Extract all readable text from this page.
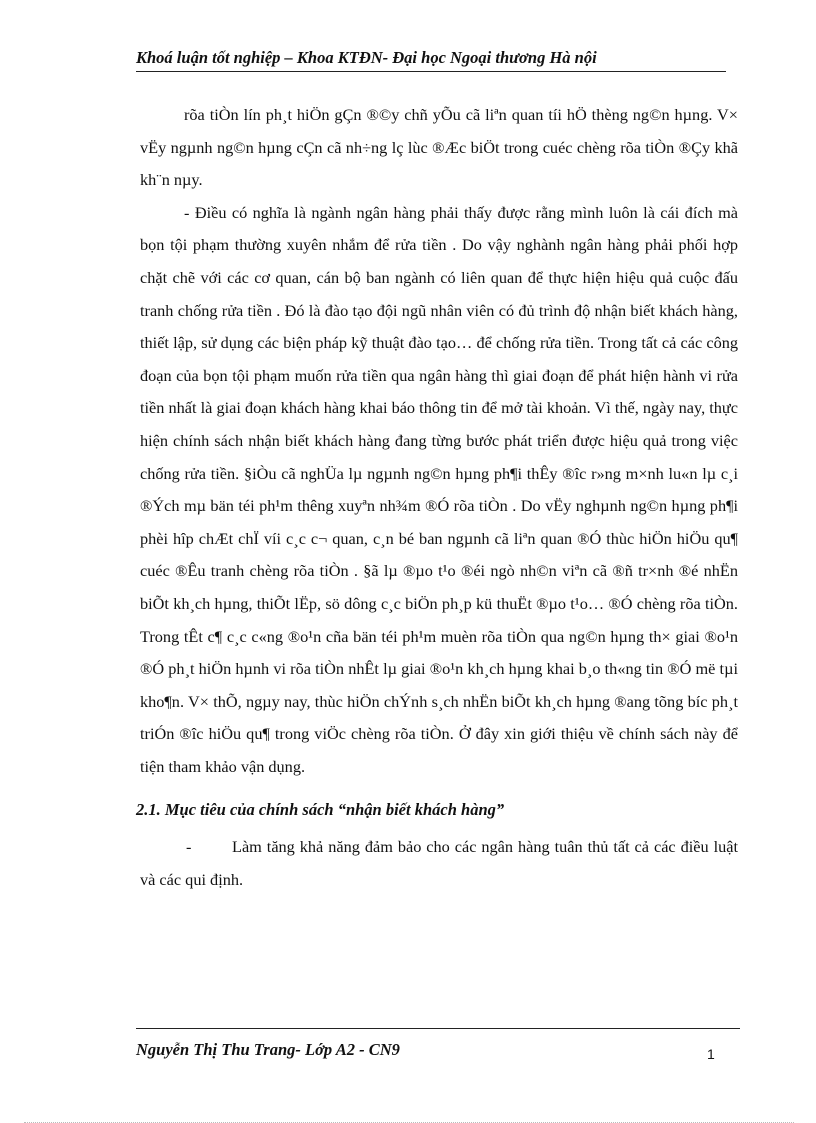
Khoá luận tốt nghiệp – Khoa KTĐN- Đại học Ngoại thương Hà nội

rõa tiÒn lín ph¸t hiÖn gÇn ®©y chñ yÕu cã liªn quan tíi hÖ thèng ng©n hµng. V× vËy ngµnh ng©n hµng cÇn cã nh÷ng lç lùc ®Æc biÖt trong cuéc chèng rõa tiÒn ®Çy khã kh¨n nµy.

- Điều có nghĩa là ngành ngân hàng phải thấy được rằng mình luôn là cái đích mà bọn tội phạm thường xuyên nhắm để rửa tiền . Do vậy nghành ngân hàng phải phối hợp chặt chẽ với các cơ quan, cán bộ ban ngành có liên quan để thực hiện hiệu quả cuộc đấu tranh chống rửa tiền . Đó là đào tạo đội ngũ nhân viên có đủ trình độ nhận biết khách hàng, thiết lập, sử dụng các biện pháp kỹ thuật đào tạo… để chống rửa tiền. Trong tất cả các công đoạn của bọn tội phạm muốn rửa tiền qua ngân hàng thì giai đoạn để phát hiện hành vi rửa tiền nhất là giai đoạn khách hàng khai báo thông tin để mở tài khoản. Vì thế, ngày nay, thực hiện chính sách nhận biết khách hàng đang từng bước phát triển được hiệu quả trong việc chống rửa tiền. §iÒu cã nghÜa lµ ngµnh ng©n hµng ph¶i thÊy ®îc r»ng m×nh lu«n lµ c¸i ®Ých mµ bän téi ph¹m thêng xuyªn nh¾m ®Ó rõa tiÒn . Do vËy nghµnh ng©n hµng ph¶i phèi hîp chÆt chÏ víi c¸c c¬ quan, c¸n bé ban ngµnh cã liªn quan ®Ó thùc hiÖn hiÖu qu¶ cuéc ®Êu tranh chèng rõa tiÒn . §ã lµ ®µo t¹o ®éi ngò nh©n viªn cã ®ñ tr×nh ®é nhËn biÕt kh¸ch hµng, thiÕt lËp, sö dông c¸c biÖn ph¸p kü thuËt ®µo t¹o… ®Ó chèng rõa tiÒn. Trong tÊt c¶ c¸c c«ng ®o¹n cña bän téi ph¹m muèn rõa tiÒn qua ng©n hµng th× giai ®o¹n ®Ó ph¸t hiÖn hµnh vi rõa tiÒn nhÊt lµ giai ®o¹n kh¸ch hµng khai b¸o th«ng tin ®Ó më tµi kho¶n. V× thÕ, ngµy nay, thùc hiÖn chÝnh s¸ch nhËn biÕt kh¸ch hµng ®ang tõng bíc ph¸t triÓn ®îc hiÖu qu¶ trong viÖc chèng rõa tiÒn. Ở đây xin giới thiệu về chính sách này để tiện tham khảo vận dụng.

2.1. Mục tiêu của chính sách “nhận biết khách hàng”

- Làm tăng khả năng đảm bảo cho các ngân hàng tuân thủ tất cả các điều luật và các qui định.

Nguyễn Thị Thu Trang- Lớp A2 - CN9	1
